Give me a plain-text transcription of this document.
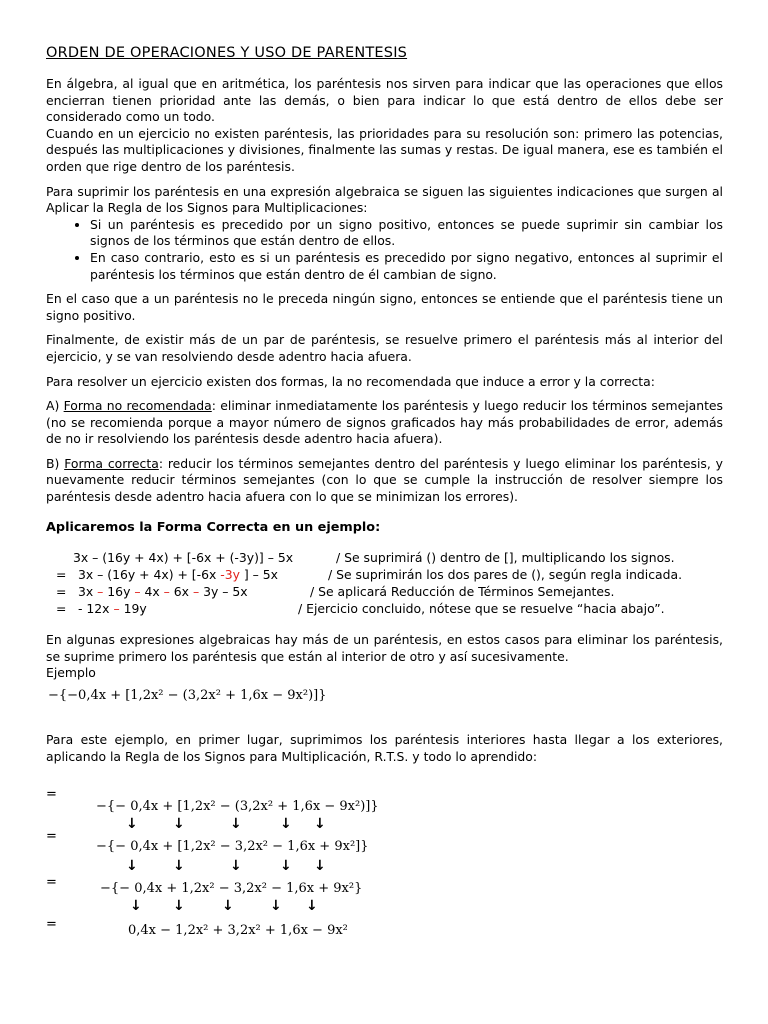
ORDEN DE OPERACIONES Y USO DE PARENTESIS

En álgebra, al igual que en aritmética, los paréntesis nos sirven para indicar que las operaciones que ellos encierran tienen prioridad ante las demás, o bien para indicar lo que está dentro de ellos debe ser considerado como un todo.

Cuando en un ejercicio no existen paréntesis, las prioridades para su resolución son: primero las potencias, después las multiplicaciones y divisiones, finalmente las sumas y restas. De igual manera, ese es también el orden que rige dentro de los paréntesis.

Para suprimir los paréntesis en una expresión algebraica se siguen las siguientes indicaciones que surgen al Aplicar la Regla de los Signos para Multiplicaciones:

• Si un paréntesis es precedido por un signo positivo, entonces se puede suprimir sin cambiar los signos de los términos que están dentro de ellos.
• En caso contrario, esto es si un paréntesis es precedido por signo negativo, entonces al suprimir el paréntesis los términos que están dentro de él cambian de signo.

En el caso que a un paréntesis no le preceda ningún signo, entonces se entiende que el paréntesis tiene un signo positivo.

Finalmente, de existir más de un par de paréntesis, se resuelve primero el paréntesis más al interior del ejercicio, y se van resolviendo desde adentro hacia afuera.

Para resolver un ejercicio existen dos formas, la no recomendada que induce a error y la correcta:

A) Forma no recomendada: eliminar inmediatamente los paréntesis y luego reducir los términos semejantes (no se recomienda porque a mayor número de signos graficados hay más probabilidades de error, además de no ir resolviendo los paréntesis desde adentro hacia afuera).

B) Forma correcta: reducir los términos semejantes dentro del paréntesis y luego eliminar los paréntesis, y nuevamente reducir términos semejantes (con lo que se cumple la instrucción de resolver siempre los paréntesis desde adentro hacia afuera con lo que se minimizan los errores).

Aplicaremos la Forma Correcta en un ejemplo:
3x – (16y + 4x) + [-6x + (-3y)] – 5x	/ Se suprimirá () dentro de [], multiplicando los signos.
= 3x – (16y + 4x) + [-6x -3y ] – 5x	/ Se suprimirán los dos pares de (), según regla indicada.
= 3x – 16y – 4x – 6x – 3y – 5x	/ Se aplicará Reducción de Términos Semejantes.
= - 12x – 19y	/ Ejercicio concluido, nótese que se resuelve “hacia abajo”.

En algunas expresiones algebraicas hay más de un paréntesis, en estos casos para eliminar los paréntesis, se suprime primero los paréntesis que están al interior de otro y así sucesivamente.

Ejemplo

−{−0,4x + [1,2x² − (3,2x² + 1,6x − 9x²)]}

Para este ejemplo, en primer lugar, suprimimos los paréntesis interiores hasta llegar a los exteriores, aplicando la Regla de los Signos para Multiplicación, R.T.S. y todo lo aprendido:

=
−{− 0,4x + [1,2x² − (3,2x² + 1,6x − 9x²)]}
↓	↓	↓	↓ ↓
=
−{− 0,4x + [1,2x² − 3,2x² − 1,6x + 9x²]}
↓	↓	↓	↓ ↓
=	−{− 0,4x + 1,2x² − 3,2x² − 1,6x + 9x²}
↓ ↓	↓	↓ ↓
=	0,4x − 1,2x² + 3,2x² + 1,6x − 9x²
